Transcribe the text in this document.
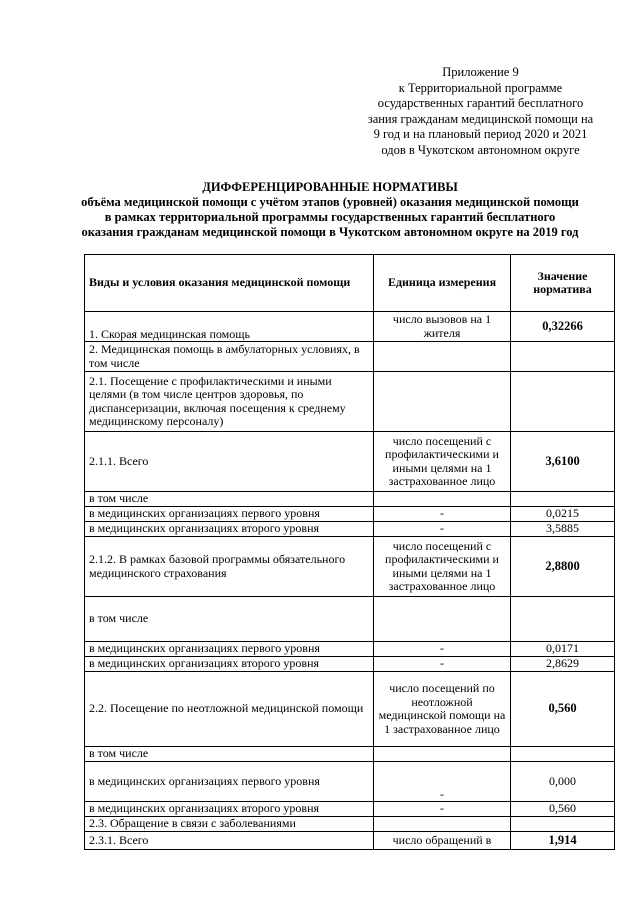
Приложение 9
к Территориальной программе
осударственных гарантий бесплатного
зания гражданам медицинской помощи на
9 год и на плановый период 2020 и 2021
одов в Чукотском автономном округе
ДИФФЕРЕНЦИРОВАННЫЕ НОРМАТИВЫ
объёма медицинской помощи с учётом этапов (уровней) оказания медицинской помощи
в рамках территориальной программы государственных гарантий бесплатного
оказания гражданам медицинской помощи в Чукотском автономном округе на 2019 год
Виды и условия оказания медицинской помощи	Единица измерения	Значение норматива
1. Скорая медицинская помощь	число вызовов на 1 жителя	0,32266
2. Медицинская помощь в амбулаторных условиях, в том числе		
2.1. Посещение с профилактическими и иными целями (в том числе центров здоровья, по диспансеризации, включая посещения к среднему медицинскому персоналу)		
2.1.1. Всего	число посещений с профилактическими и иными целями на 1 застрахованное лицо	3,6100
в том числе		
в медицинских организациях первого уровня	-	0,0215
в медицинских организациях второго уровня	-	3,5885
2.1.2. В рамках базовой программы обязательного медицинского страхования	число посещений с профилактическими и иными целями на 1 застрахованное лицо	2,8800
в том числе		
в медицинских организациях первого уровня	-	0,0171
в медицинских организациях второго уровня	-	2,8629
2.2. Посещение по неотложной медицинской помощи	число посещений по неотложной медицинской помощи на 1 застрахованное лицо	0,560
в том числе		
в медицинских организациях первого уровня	-	0,000
в медицинских организациях второго уровня	-	0,560
2.3. Обращение в связи с заболеваниями		
2.3.1. Всего	число обращений в	1,914
